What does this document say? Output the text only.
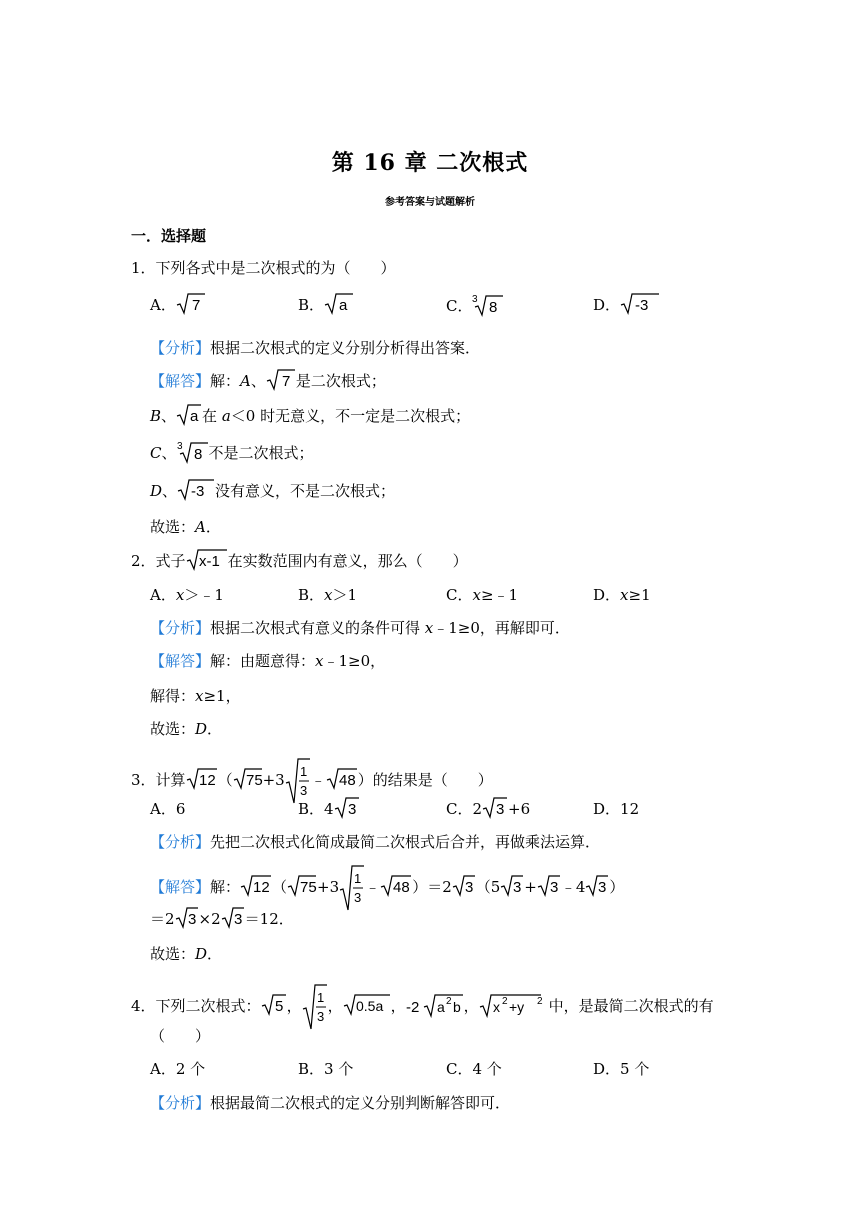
第 16 章 二次根式
参考答案与试题解析
一．选择题
1．下列各式中是二次根式的为（　　）
A． 7	B． a	C． 3 8	D． -3
【分析】根据二次根式的定义分别分析得出答案．
【解答】解：A、 7 是二次根式；
B、 a 在 a＜0 时无意义，不一定是二次根式；
C、 3 8 不是二次根式；
D、 -3 没有意义，不是二次根式；
故选：A．
2．式子 x-1 在实数范围内有意义，那么（　　）
A．x＞﹣1	B．x＞1	C．x≥﹣1	D．x≥1
【分析】根据二次根式有意义的条件可得 x﹣1≥0，再解即可．
【解答】解：由题意得：x﹣1≥0，
解得：x≥1，
故选：D．
3．计算 12 （ 75 +3 1
3
﹣ 48 ）的结果是（　　）
A．6	B．4 3	C．2 3 +6	D．12
【分析】先把二次根式化简成最简二次根式后合并，再做乘法运算．
【解答】解： 12 （ 75 +3 1
3
﹣ 48 ）＝2 3 （5 3 + 3 ﹣4 3 ）
＝2 3 ×2 3 ＝12．
故选：D．
4．下列二次根式： 5 ， 1
3
， 0.5a ， -2 a 2 b ， x 2 +y 2 中，是最简二次根式的有
（　　）
A．2 个	B．3 个	C．4 个	D．5 个
【分析】根据最简二次根式的定义分别判断解答即可．
